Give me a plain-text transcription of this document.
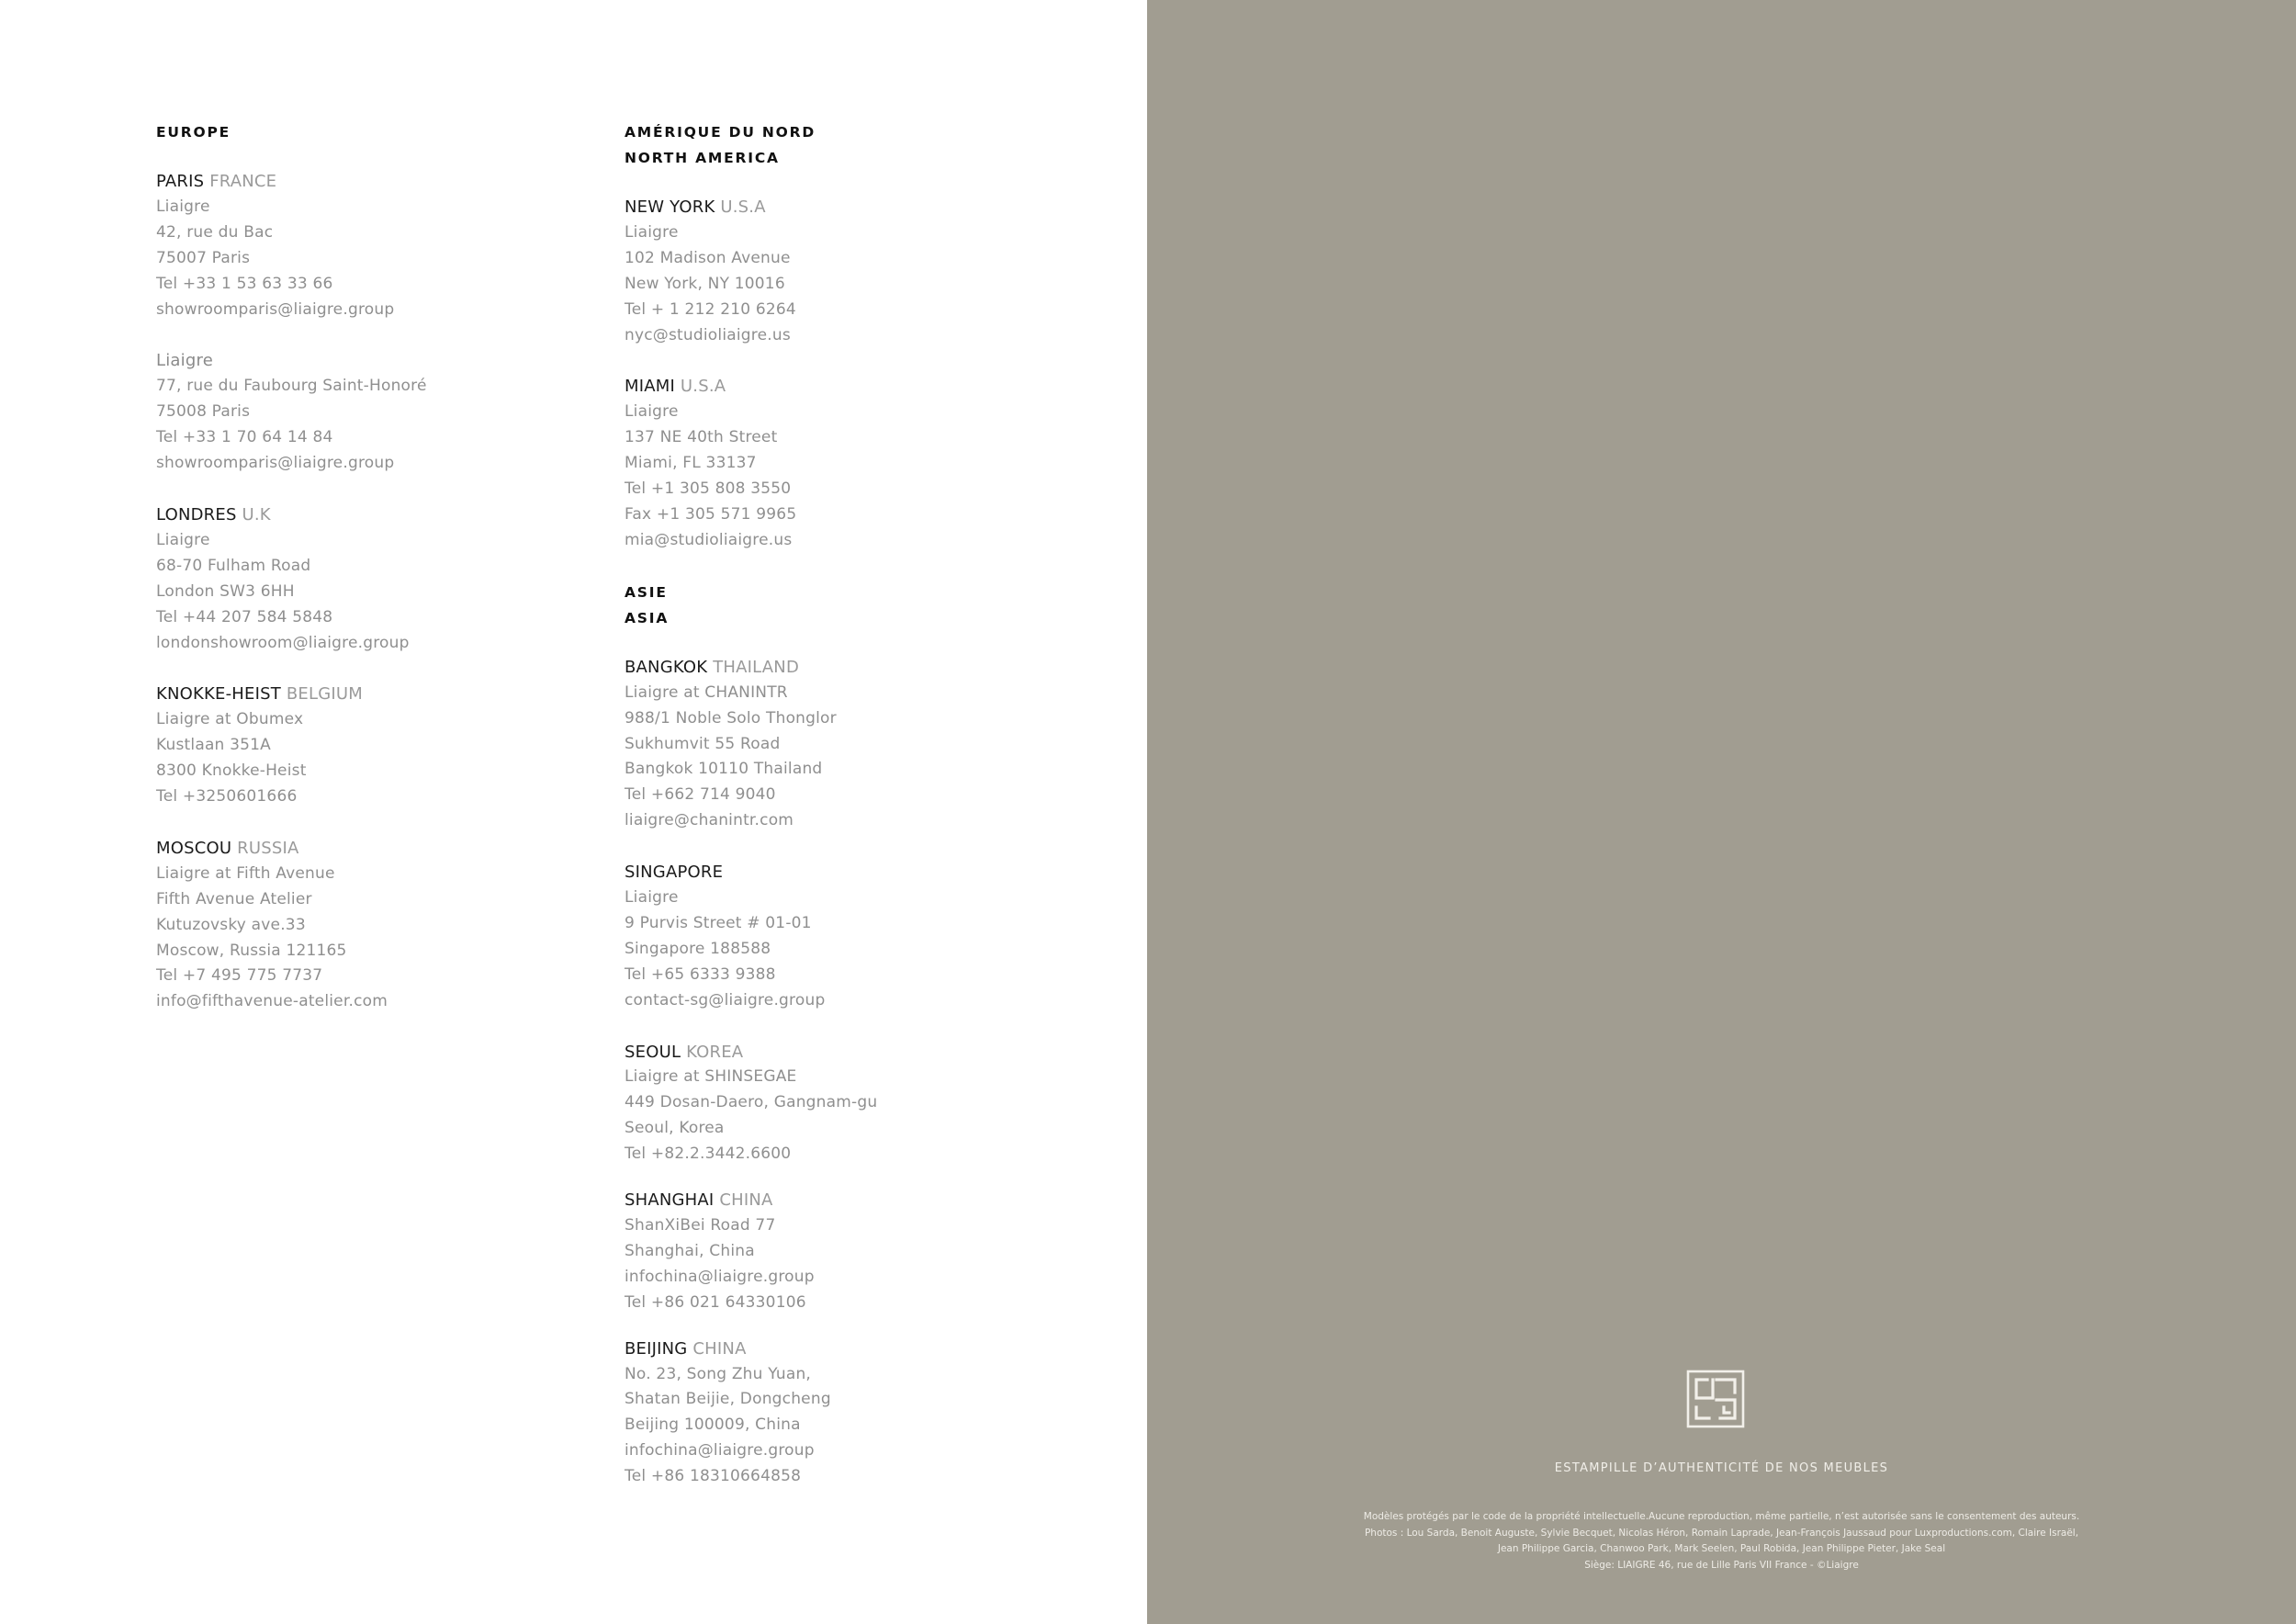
EUROPE
PARIS FRANCE
Liaigre
42, rue du Bac
75007 Paris
Tel +33 1 53 63 33 66
showroomparis@liaigre.group
Liaigre
77, rue du Faubourg Saint-Honoré
75008 Paris
Tel +33 1 70 64 14 84
showroomparis@liaigre.group
LONDRES U.K
Liaigre
68-70 Fulham Road
London SW3 6HH
Tel +44 207 584 5848
londonshowroom@liaigre.group
KNOKKE-HEIST BELGIUM
Liaigre at Obumex
Kustlaan 351A
8300 Knokke-Heist
Tel +3250601666
MOSCOU RUSSIA
Liaigre at Fifth Avenue
Fifth Avenue Atelier
Kutuzovsky ave.33
Moscow, Russia 121165
Tel +7 495 775 7737
info@fifthavenue-atelier.com
AMÉRIQUE DU NORD
NORTH AMERICA
NEW YORK U.S.A
Liaigre
102 Madison Avenue
New York, NY 10016
Tel + 1 212 210 6264
nyc@studioliaigre.us
MIAMI U.S.A
Liaigre
137 NE 40th Street
Miami, FL 33137
Tel +1 305 808 3550
Fax +1 305 571 9965
mia@studioliaigre.us
ASIE
ASIA
BANGKOK THAILAND
Liaigre at CHANINTR
988/1 Noble Solo Thonglor
Sukhumvit 55 Road
Bangkok 10110 Thailand
Tel +662 714 9040
liaigre@chanintr.com
SINGAPORE
Liaigre
9 Purvis Street # 01-01
Singapore 188588
Tel +65 6333 9388
contact-sg@liaigre.group
SEOUL KOREA
Liaigre at SHINSEGAE
449 Dosan-Daero, Gangnam-gu
Seoul, Korea
Tel +82.2.3442.6600
SHANGHAI CHINA
ShanXiBei Road 77
Shanghai, China
infochina@liaigre.group
Tel +86 021 64330106
BEIJING CHINA
No. 23, Song Zhu Yuan,
Shatan Beijie, Dongcheng
Beijing 100009, China
infochina@liaigre.group
Tel +86 18310664858	ESTAMPILLE D’AUTHENTICITÉ DE NOS MEUBLES
Modèles protégés par le code de la propriété intellectuelle.Aucune reproduction, même partielle, n’est autorisée sans le consentement des auteurs.
Photos : Lou Sarda, Benoit Auguste, Sylvie Becquet, Nicolas Héron, Romain Laprade, Jean-François Jaussaud pour Luxproductions.com, Claire Israël,
Jean Philippe Garcia, Chanwoo Park, Mark Seelen, Paul Robida, Jean Philippe Pieter, Jake Seal
Siège: LIAIGRE 46, rue de Lille Paris VII France - ©Liaigre
